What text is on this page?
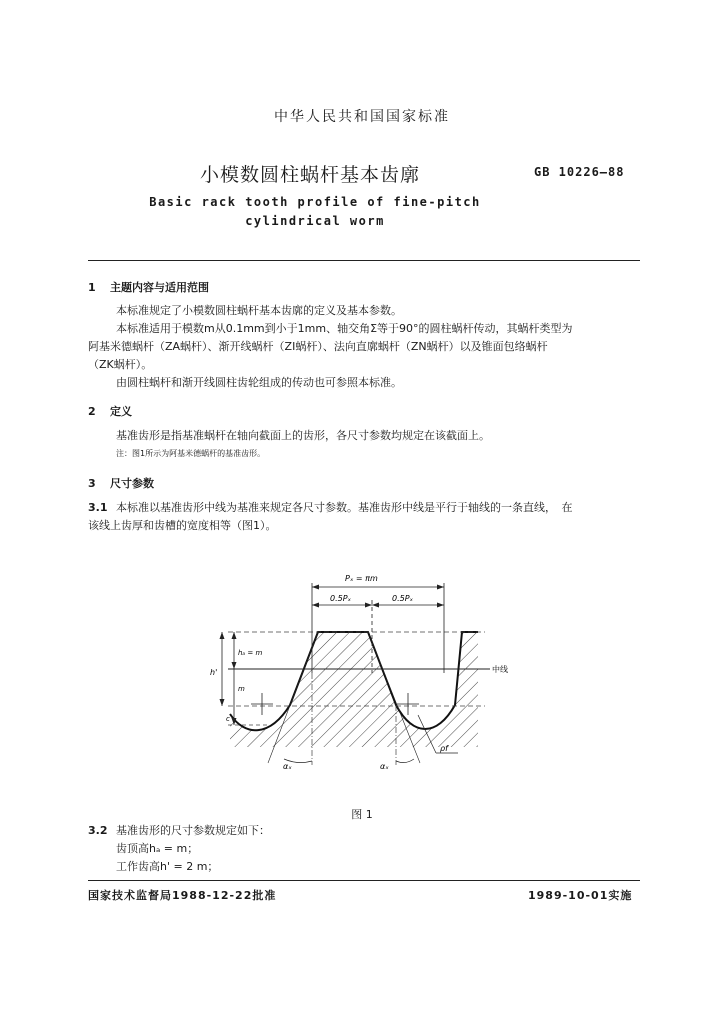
中华人民共和国国家标准
小模数圆柱蜗杆基本齿廓	GB 10226—88
Basic rack tooth profile of fine-pitch
cylindrical worm
1 主题内容与适用范围
本标准规定了小模数圆柱蜗杆基本齿廓的定义及基本参数。
本标准适用于模数m从0.1mm到小于1mm、轴交角Σ等于90°的圆柱蜗杆传动，其蜗杆类型为
阿基米德蜗杆（ZA蜗杆）、渐开线蜗杆（ZI蜗杆）、法向直廓蜗杆（ZN蜗杆）以及锥面包络蜗杆
（ZK蜗杆）。
由圆柱蜗杆和渐开线圆柱齿轮组成的传动也可参照本标准。
2 定义
基准齿形是指基准蜗杆在轴向截面上的齿形，各尺寸参数均规定在该截面上。
注：图1所示为阿基米德蜗杆的基准齿形。
3 尺寸参数
3.1 本标准以基准齿形中线为基准来规定各尺寸参数。基准齿形中线是平行于轴线的一条直线，　在
该线上齿厚和齿槽的宽度相等（图1）。
Pₓ = πm
0.5Pₓ	0.5Pₓ
h'
hₐ = m
m
c
中线
αₓ	αₓ
ρf
图 1
3.2 基准齿形的尺寸参数规定如下：
齿顶高hₐ = m；
工作齿高h' = 2 m；
国家技术监督局1988-12-22批准	1989-10-01实施
